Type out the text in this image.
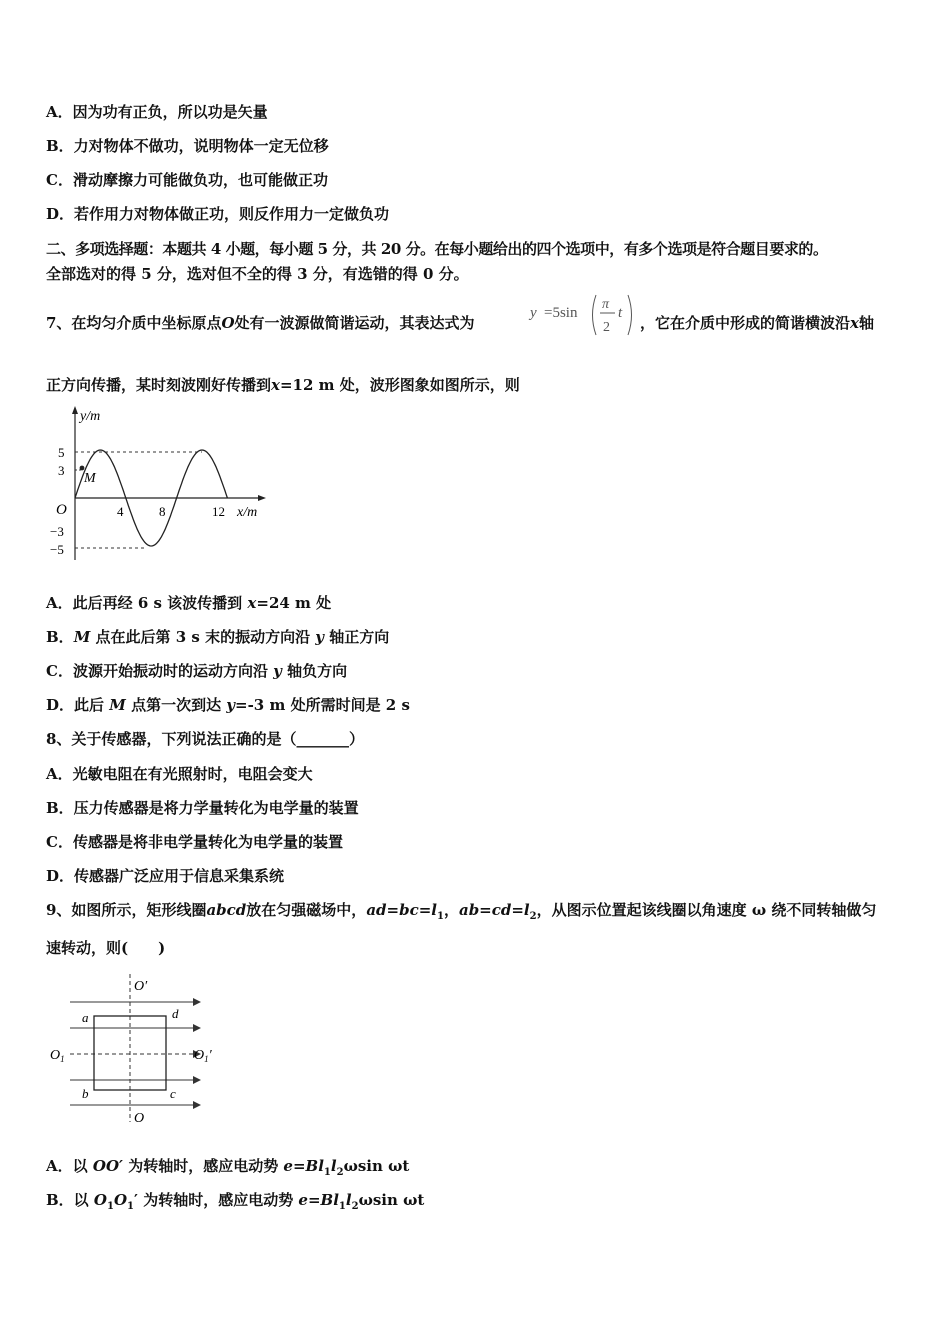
A．因为功有正负，所以功是矢量
B．力对物体不做功，说明物体一定无位移
C．滑动摩擦力可能做负功，也可能做正功
D．若作用力对物体做正功，则反作用力一定做负功
二、多项选择题：本题共 4 小题，每小题 5 分，共 20 分。在每小题给出的四个选项中，有多个选项是符合题目要求的。
全部选对的得 5 分，选对但不全的得 3 分，有选错的得 0 分。
7、在均匀介质中坐标原点O处有一波源做简谐运动，其表达式为
y =5sin
π
2
t
，它在介质中形成的简谐横波沿x轴
正方向传播，某时刻波刚好传播到x=12 m 处，波形图象如图所示，则
y/m
x/m
O
5
3
−3
−5
4	8	12
M
A．此后再经 6 s 该波传播到 x=24 m 处
B．M 点在此后第 3 s 末的振动方向沿 y 轴正方向
C．波源开始振动时的运动方向沿 y 轴负方向
D．此后 M 点第一次到达 y=-3 m 处所需时间是 2 s
8、关于传感器，下列说法正确的是（_______）
A．光敏电阻在有光照射时，电阻会变大
B．压力传感器是将力学量转化为电学量的装置
C．传感器是将非电学量转化为电学量的装置
D．传感器广泛应用于信息采集系统
9、如图所示，矩形线圈abcd放在匀强磁场中，$ad=bc=l_1$，$ab=cd=l_2$，从图示位置起该线圈以角速度 ω 绕不同转轴做匀
速转动，则(　　)
O′
O
$O_1$	$O_1'$
a	d
b	c
A．以 OO′ 为转轴时，感应电动势 $e=Bl_1l_2\omega\sin$ ωt
B．以 $O_1O_1'$ 为转轴时，感应电动势 $e=Bl_1l_2\omega\sin$ ωt
